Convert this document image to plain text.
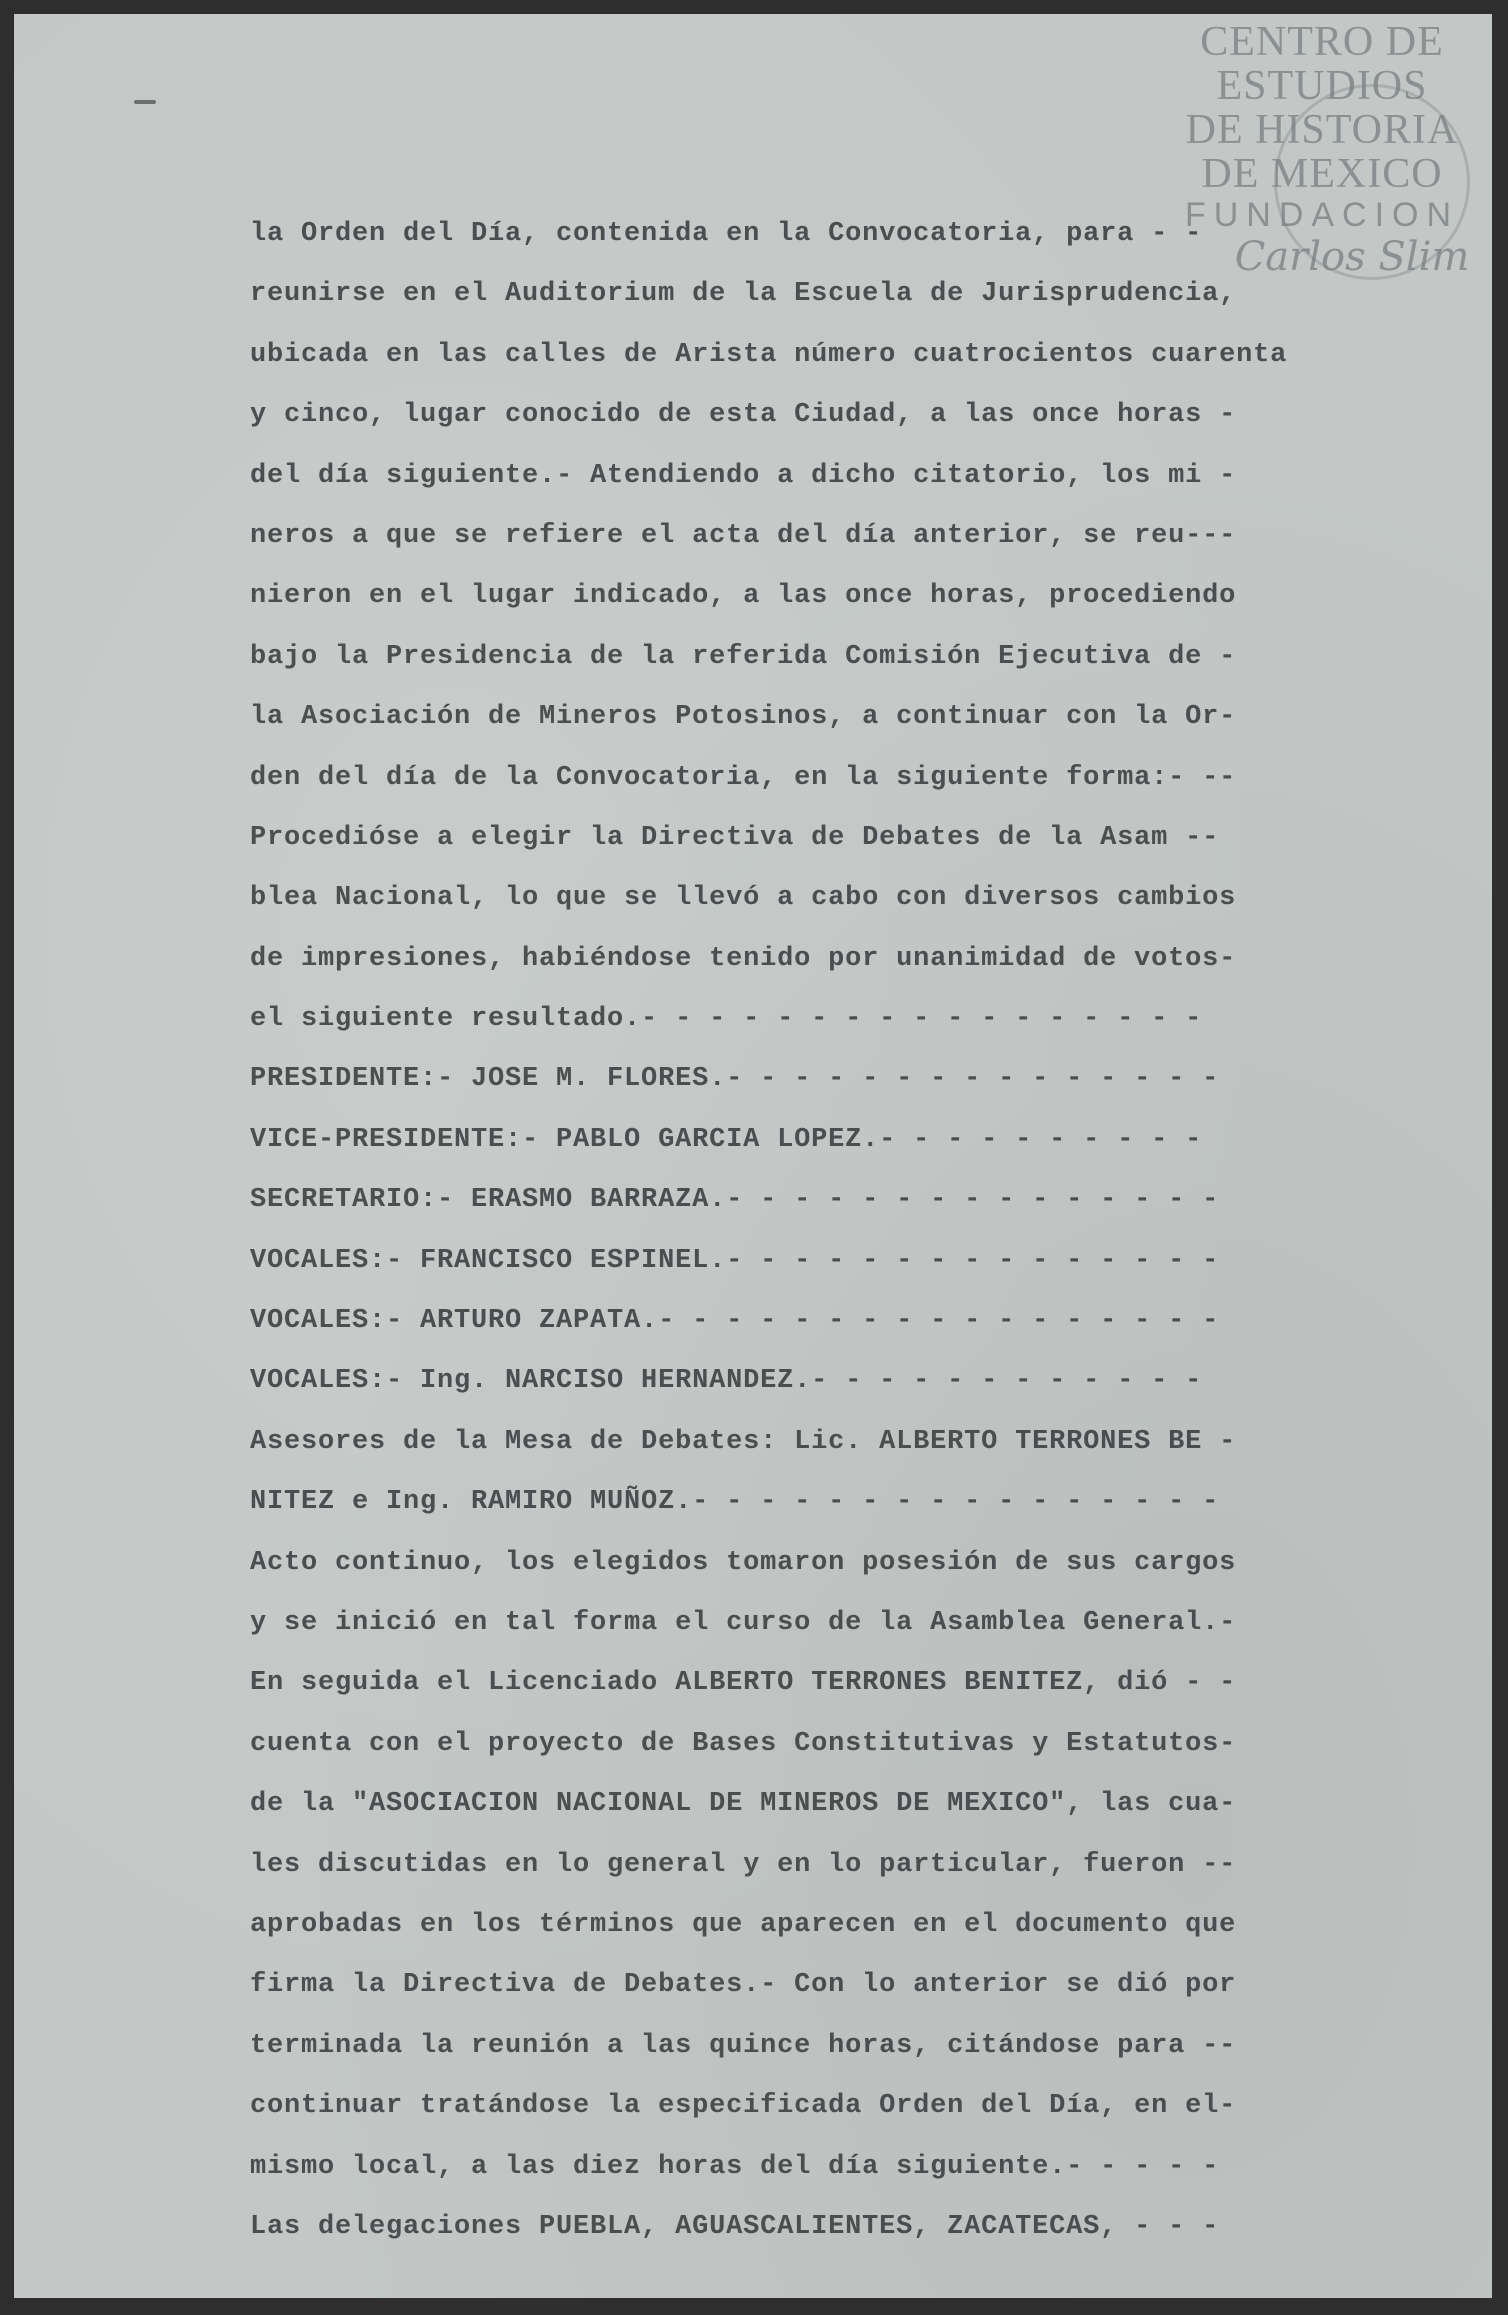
CENTRO DE
ESTUDIOS
DE HISTORIA
DE MEXICO
FUNDACION
Carlos Slim
la Orden del Día, contenida en la Convocatoria, para - -
reunirse en el Auditorium de la Escuela de Jurisprudencia,
ubicada en las calles de Arista número cuatrocientos cuarenta
y cinco, lugar conocido de esta Ciudad, a las once horas -
del día siguiente.- Atendiendo a dicho citatorio, los mi -
neros a que se refiere el acta del día anterior, se reu---
nieron en el lugar indicado, a las once horas, procediendo
bajo la Presidencia de la referida Comisión Ejecutiva de -
la Asociación de Mineros Potosinos, a continuar con la Or-
den del día de la Convocatoria, en la siguiente forma:- --
Procedióse a elegir la Directiva de Debates de la Asam --
blea Nacional, lo que se llevó a cabo con diversos cambios
de impresiones, habiéndose tenido por unanimidad de votos-
el siguiente resultado.- - - - - - - - - - - - - - - - -
PRESIDENTE:- JOSE M. FLORES.- - - - - - - - - - - - - - -
VICE-PRESIDENTE:- PABLO GARCIA LOPEZ.- - - - - - - - - -
SECRETARIO:- ERASMO BARRAZA.- - - - - - - - - - - - - - -
VOCALES:- FRANCISCO ESPINEL.- - - - - - - - - - - - - - -
VOCALES:- ARTURO ZAPATA.- - - - - - - - - - - - - - - - -
VOCALES:- Ing. NARCISO HERNANDEZ.- - - - - - - - - - - -
Asesores de la Mesa de Debates: Lic. ALBERTO TERRONES BE -
NITEZ e Ing. RAMIRO MUÑOZ.- - - - - - - - - - - - - - - -
Acto continuo, los elegidos tomaron posesión de sus cargos
y se inició en tal forma el curso de la Asamblea General.-
En seguida el Licenciado ALBERTO TERRONES BENITEZ, dió - -
cuenta con el proyecto de Bases Constitutivas y Estatutos-
de la "ASOCIACION NACIONAL DE MINEROS DE MEXICO", las cua-
les discutidas en lo general y en lo particular, fueron --
aprobadas en los términos que aparecen en el documento que
firma la Directiva de Debates.- Con lo anterior se dió por
terminada la reunión a las quince horas, citándose para --
continuar tratándose la especificada Orden del Día, en el-
mismo local, a las diez horas del día siguiente.- - - - -
Las delegaciones PUEBLA, AGUASCALIENTES, ZACATECAS, - - -
